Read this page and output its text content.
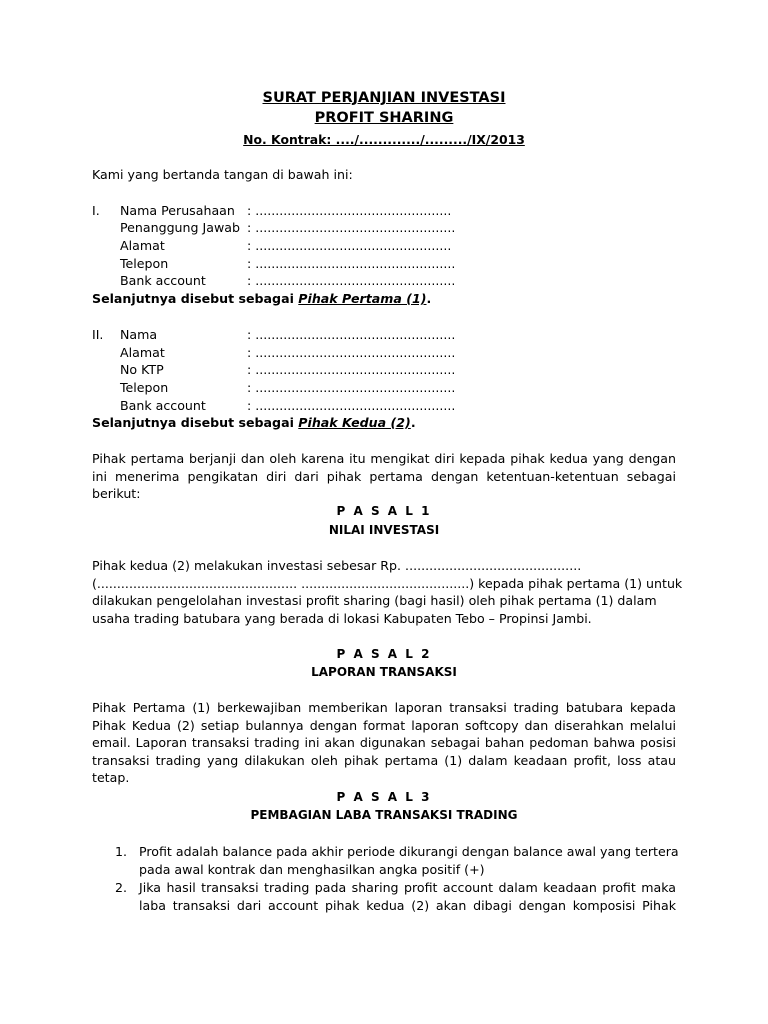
SURAT PERJANJIAN INVESTASI
PROFIT SHARING
No. Kontrak: ..../............./........./IX/2013
Kami yang bertanda tangan di bawah ini:
I. Nama Perusahaan : .................................................
Penanggung Jawab : ..................................................
Alamat	: .................................................
Telepon	: ..................................................
Bank account	: ..................................................
Selanjutnya disebut sebagai Pihak Pertama (1).
II. Nama	: ..................................................
Alamat	: ..................................................
No KTP	: ..................................................
Telepon	: ..................................................
Bank account	: ..................................................
Selanjutnya disebut sebagai Pihak Kedua (2).
Pihak pertama berjanji dan oleh karena itu mengikat diri kepada pihak kedua yang dengan
ini menerima pengikatan diri dari pihak pertama dengan ketentuan-ketentuan sebagai
berikut:
P A S A L 1
NILAI INVESTASI
Pihak kedua (2) melakukan investasi sebesar Rp. ............................................
(.................................................. ..........................................) kepada pihak pertama (1) untuk
dilakukan pengelolahan investasi profit sharing (bagi hasil) oleh pihak pertama (1) dalam
usaha trading batubara yang berada di lokasi Kabupaten Tebo – Propinsi Jambi.
P A S A L 2
LAPORAN TRANSAKSI
Pihak Pertama (1) berkewajiban memberikan laporan transaksi trading batubara kepada
Pihak Kedua (2) setiap bulannya dengan format laporan softcopy dan diserahkan melalui
email. Laporan transaksi trading ini akan digunakan sebagai bahan pedoman bahwa posisi
transaksi trading yang dilakukan oleh pihak pertama (1) dalam keadaan profit, loss atau
tetap.
P A S A L 3
PEMBAGIAN LABA TRANSAKSI TRADING
1. Profit adalah balance pada akhir periode dikurangi dengan balance awal yang tertera
pada awal kontrak dan menghasilkan angka positif (+)
2. Jika hasil transaksi trading pada sharing profit account dalam keadaan profit maka
laba transaksi dari account pihak kedua (2) akan dibagi dengan komposisi Pihak
